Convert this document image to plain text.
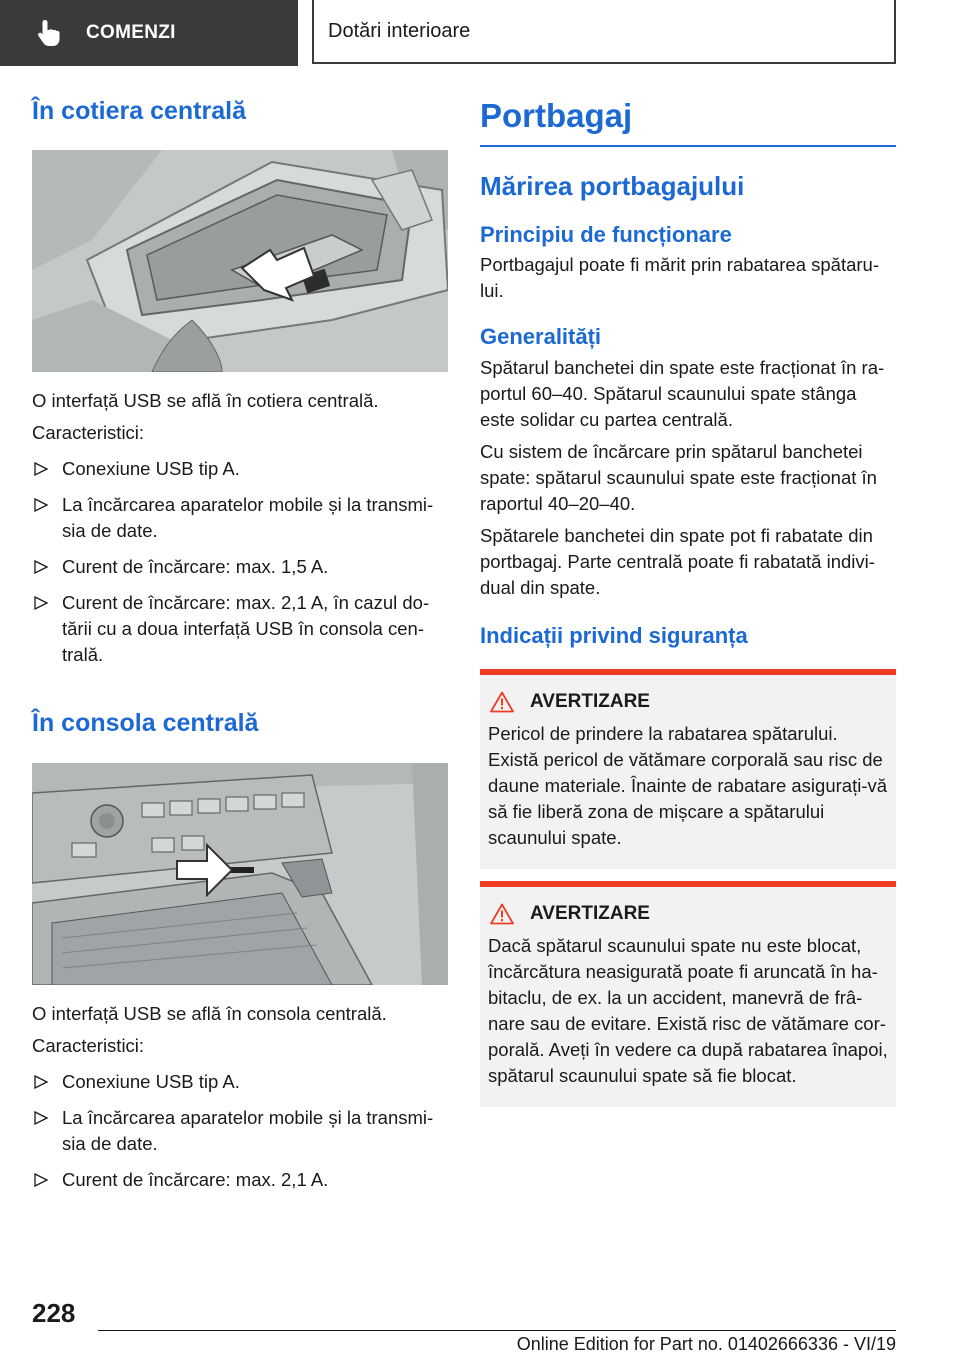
COMENZI	Dotări interioare
În cotiera centrală

O interfață USB se află în cotiera centrală.

Caracteristici:

Conexiune USB tip A.
La încărcarea aparatelor mobile și la transmisia de date.
Curent de încărcare: max. 1,5 A.
Curent de încărcare: max. 2,1 A, în cazul dotării cu a doua interfață USB în consola centrală.
În consola centrală

O interfață USB se află în consola centrală.

Caracteristici:

Conexiune USB tip A.
La încărcarea aparatelor mobile și la transmisia de date.
Curent de încărcare: max. 2,1 A.
Portbagaj
Mărirea portbagajului
Principiu de funcționare

Portbagajul poate fi mărit prin rabatarea spătarului.

Generalități

Spătarul banchetei din spate este fracționat în raportul 60–40. Spătarul scaunului spate stânga este solidar cu partea centrală.

Cu sistem de încărcare prin spătarul banchetei spate: spătarul scaunului spate este fracționat în raportul 40–20–40.

Spătarele banchetei din spate pot fi rabatate din portbagaj. Parte centrală poate fi rabatată individual din spate.

Indicații privind siguranța
AVERTIZARE

Pericol de prindere la rabatarea spătarului. Există pericol de vătămare corporală sau risc de daune materiale. Înainte de rabatare asigurați-vă să fie liberă zona de mișcare a spătarului scaunului spate.

AVERTIZARE

Dacă spătarul scaunului spate nu este blocat, încărcătura neasigurată poate fi aruncată în habitaclu, de ex. la un accident, manevră de frânare sau de evitare. Există risc de vătămare corporală. Aveți în vedere ca după rabatarea înapoi, spătarul scaunului spate să fie blocat.

228
Online Edition for Part no. 01402666336 - VI/19
